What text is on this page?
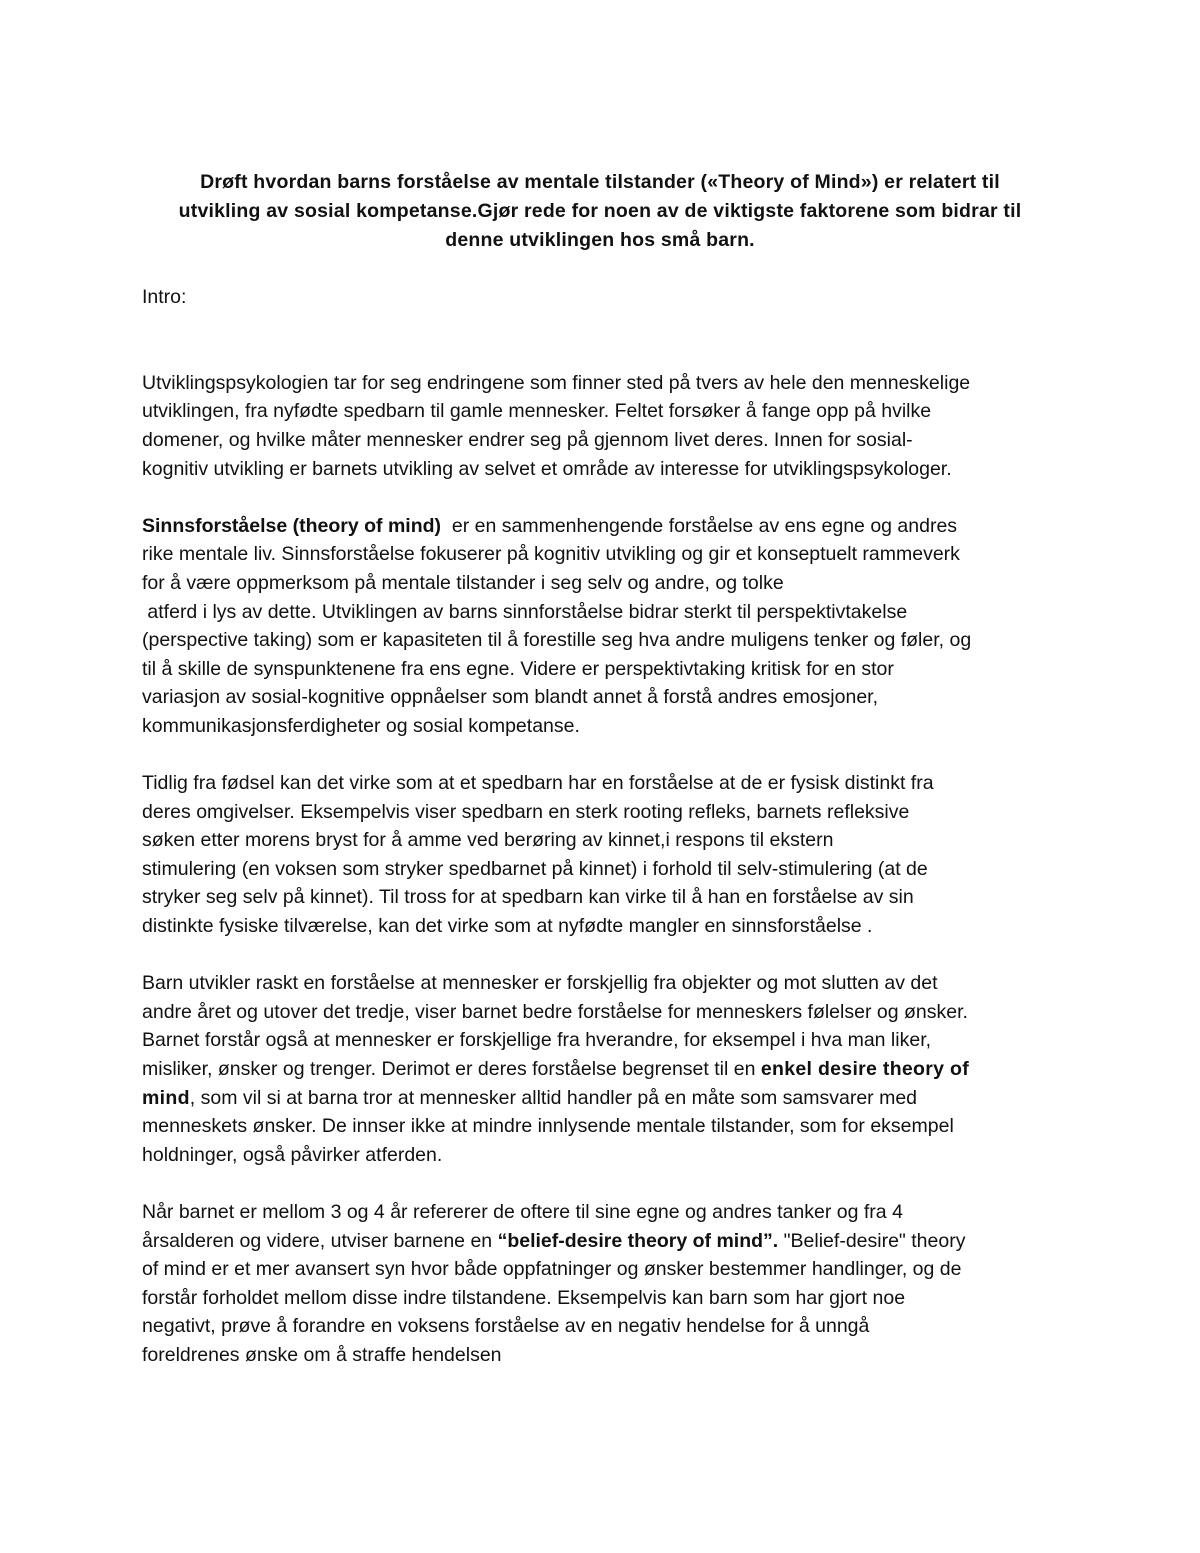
Drøft hvordan barns forståelse av mentale tilstander («Theory of Mind») er relatert til
utvikling av sosial kompetanse.Gjør rede for noen av de viktigste faktorene som bidrar til
denne utviklingen hos små barn.
Intro:
Utviklingspsykologien tar for seg endringene som finner sted på tvers av hele den menneskelige
utviklingen, fra nyfødte spedbarn til gamle mennesker. Feltet forsøker å fange opp på hvilke
domener, og hvilke måter mennesker endrer seg på gjennom livet deres. Innen for sosial-
kognitiv utvikling er barnets utvikling av selvet et område av interesse for utviklingspsykologer.
Sinnsforståelse (theory of mind)  er en sammenhengende forståelse av ens egne og andres
rike mentale liv. Sinnsforståelse fokuserer på kognitiv utvikling og gir et konseptuelt rammeverk
for å være oppmerksom på mentale tilstander i seg selv og andre, og tolke
atferd i lys av dette. Utviklingen av barns sinnforståelse bidrar sterkt til perspektivtakelse
(perspective taking) som er kapasiteten til å forestille seg hva andre muligens tenker og føler, og
til å skille de synspunktenene fra ens egne. Videre er perspektivtaking kritisk for en stor
variasjon av sosial-kognitive oppnåelser som blandt annet å forstå andres emosjoner,
kommunikasjonsferdigheter og sosial kompetanse.
Tidlig fra fødsel kan det virke som at et spedbarn har en forståelse at de er fysisk distinkt fra
deres omgivelser. Eksempelvis viser spedbarn en sterk rooting refleks, barnets refleksive
søken etter morens bryst for å amme ved berøring av kinnet,i respons til ekstern
stimulering (en voksen som stryker spedbarnet på kinnet) i forhold til selv-stimulering (at de
stryker seg selv på kinnet). Til tross for at spedbarn kan virke til å han en forståelse av sin
distinkte fysiske tilværelse, kan det virke som at nyfødte mangler en sinnsforståelse .
Barn utvikler raskt en forståelse at mennesker er forskjellig fra objekter og mot slutten av det
andre året og utover det tredje, viser barnet bedre forståelse for menneskers følelser og ønsker.
Barnet forstår også at mennesker er forskjellige fra hverandre, for eksempel i hva man liker,
misliker, ønsker og trenger. Derimot er deres forståelse begrenset til en enkel desire theory of
mind, som vil si at barna tror at mennesker alltid handler på en måte som samsvarer med
menneskets ønsker. De innser ikke at mindre innlysende mentale tilstander, som for eksempel
holdninger, også påvirker atferden.
Når barnet er mellom 3 og 4 år refererer de oftere til sine egne og andres tanker og fra 4
årsalderen og videre, utviser barnene en “belief-desire theory of mind”. "Belief-desire" theory
of mind er et mer avansert syn hvor både oppfatninger og ønsker bestemmer handlinger, og de
forstår forholdet mellom disse indre tilstandene. Eksempelvis kan barn som har gjort noe
negativt, prøve å forandre en voksens forståelse av en negativ hendelse for å unngå
foreldrenes ønske om å straffe hendelsen
